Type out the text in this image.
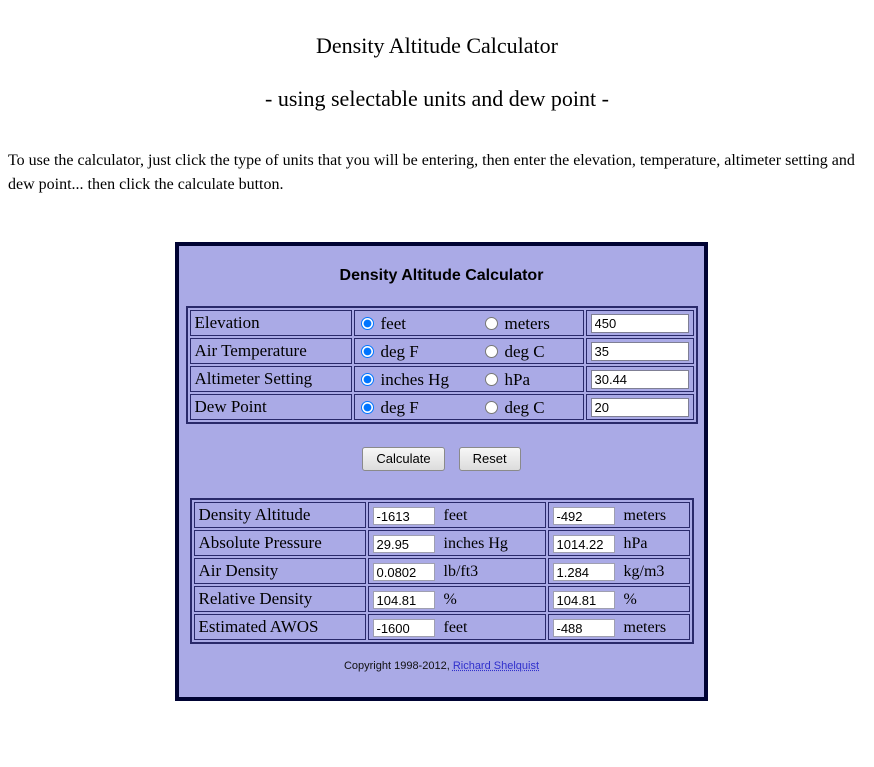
Density Altitude Calculator
- using selectable units and dew point -

To use the calculator, just click the type of units that you will be entering, then enter the elevation, temperature, altimeter setting and dew point... then click the calculate button.

Density Altitude Calculator
Elevation	feet meters	450
Air Temperature	deg F deg C	35
Altimeter Setting	inches Hg hPa	30.44
Dew Point	deg F deg C	20
Calculate	Reset
Density Altitude	-1613feet	-492meters
Absolute Pressure	29.95inches Hg	1014.22hPa
Air Density	0.0802lb/ft3	1.284kg/m3
Relative Density	104.81%	104.81%
Estimated AWOS	-1600feet	-488meters
Copyright 1998-2012, Richard Shelquist
